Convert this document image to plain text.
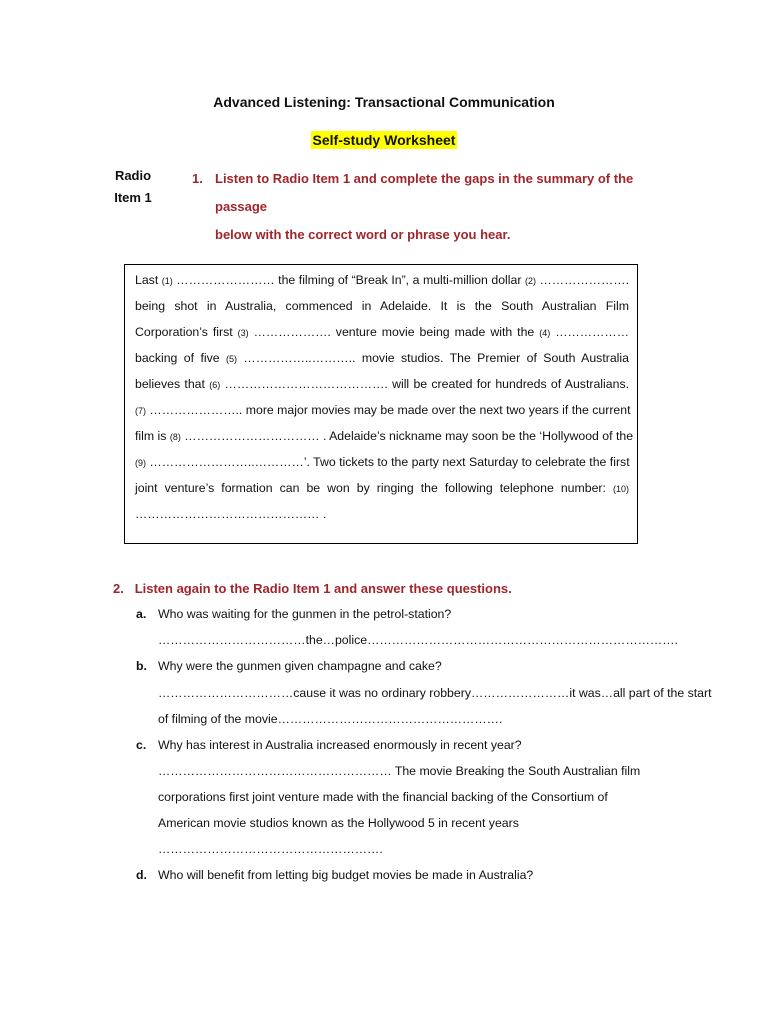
Advanced Listening: Transactional Communication
Self-study Worksheet
Radio
Item 1
1. Listen to Radio Item 1 and complete the gaps in the summary of the passage
below with the correct word or phrase you hear.
Last (1) …………………… the filming of “Break In”, a multi-million dollar (2) ………………….
being shot in Australia, commenced in Adelaide. It is the South Australian Film
Corporation’s first (3) ………………. venture movie being made with the (4) ………………
backing of five (5) ……………..……….. movie studios. The Premier of South Australia
believes that (6) …………………………………. will be created for hundreds of Australians.
(7) ………………….. more major movies may be made over the next two years if the current
film is (8) …………………………… . Adelaide’s nickname may soon be the ‘Hollywood of the
(9) ……………………..…………’. Two tickets to the party next Saturday to celebrate the first
joint venture’s formation can be won by ringing the following telephone number: (10)
……………………………………… .
2. Listen again to the Radio Item 1 and answer these questions.
a. Who was waiting for the gunmen in the petrol-station?
………………………………the…police………………………………………………………………….
b. Why were the gunmen given champagne and cake?
……………………………cause it was no ordinary robbery……………………it was…all part of the start
of filming of the movie……………………………………………….
c. Why has interest in Australia increased enormously in recent year?
………………………………………………… The movie Breaking the South Australian film
corporations first joint venture made with the financial backing of the Consortium of
American movie studios known as the Hollywood 5 in recent years
……………………………………………….
d. Who will benefit from letting big budget movies be made in Australia?
